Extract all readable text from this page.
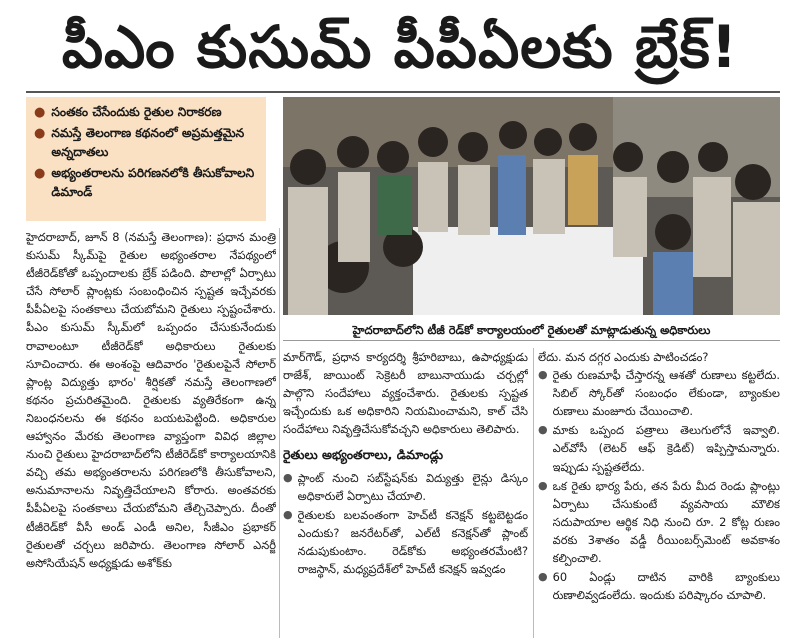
పీఎం కుసుమ్ పీపీఏలకు బ్రేక్!
● సంతకం చేసేందుకు రైతుల నిరాకరణ
● నమస్తే తెలంగాణ కథనంలో అప్రమత్తమైన అన్నదాతలు
● అభ్యంతరాలను పరిగణనలోకి తీసుకోవాలని డిమాండ్
హైదరాబాద్‌లోని టీజీ రెడ్‌కో కార్యాలయంలో రైతులతో మాట్లాడుతున్న అధికారులు

హైదరాబాద్, జూన్ 8 (నమస్తే తెలంగాణ): ప్రధాన మంత్రి కుసుమ్ స్కీమ్‌పై రైతుల అభ్యంతరాల నేపథ్యంలో టీజీరెడ్‌కోతో ఒప్పందాలకు బ్రేక్ పడింది. పొలాల్లో ఏర్పాటు చేసే సోలార్ ప్లాంట్లకు సంబంధించిన స్పష్టత ఇచ్చేవరకు పీపీఏలపై సంతకాలు చేయబోమని రైతులు స్పష్టంచేశారు. పీఎం కుసుమ్ స్కీమ్‌లో ఒప్పందం చేసుకునేందుకు రావాలంటూ టీజీరెడ్‌కో అధికారులు రైతులకు సూచించారు. ఈ అంశంపై ఆదివారం 'రైతులపైనే సోలార్ ప్లాంట్ల విద్యుత్తు భారం' శీర్షికతో నమస్తే తెలంగాణలో కథనం ప్రచురితమైంది. రైతులకు వ్యతిరేకంగా ఉన్న నిబంధనలను ఈ కథనం బయటపెట్టింది. అధికారుల ఆహ్వానం మేరకు తెలంగాణ వ్యాప్తంగా వివిధ జిల్లాల నుంచి రైతులు హైదరాబాద్‌లోని టీజీరెడ్‌కో కార్యాలయానికి వచ్చి తమ అభ్యంతరాలను పరిగణలోకి తీసుకోవాలని, అనుమానాలను నివృత్తిచేయాలని కోరారు. అంతవరకు పీపీఏలపై సంతకాలు చేయబోమని తేల్చిచెప్పారు. దీంతో టీజీరెడ్‌కో వీసీ అండ్ ఎండీ అనిల, సీజీఎం ప్రభాకర్ రైతులతో చర్చలు జరిపారు. తెలంగాణ సోలార్ ఎనర్జీ అసోసియేషన్ అధ్యక్షుడు అశోక్‌కు

మార్‌గౌడ్, ప్రధాన కార్యదర్శి శ్రీహరిబాబు, ఉపాధ్యక్షుడు రాజేశ్, జాయింట్ సెక్రెటరీ బాబునాయుడు చర్చల్లో పాల్గొని సందేహాలు వ్యక్తంచేశారు. రైతులకు స్పష్టత ఇచ్చేందుకు ఒక అధికారిని నియమించామని, కాల్ చేసి సందేహాలు నివృత్తిచేసుకోవచ్చని అధికారులు తెలిపారు.

రైతులు అభ్యంతరాలు, డిమాండ్లు
● ప్లాంట్ నుంచి సబ్‌స్టేషన్‌కు విద్యుత్తు లైన్లు డిస్కం అధికారులే ఏర్పాటు చేయాలి.
● రైతులకు బలవంతంగా హెచ్‌టీ కనెక్షన్ కట్టబెట్టడం ఎందుకు? జనరేటర్‌తో, ఎల్‌టీ కనెక్షన్‌తో ప్లాంట్ నడుపుకుంటాం. రెడ్‌కోకు అభ్యంతరమేంటి? రాజస్థాన్, మధ్యప్రదేశ్‌లో హెచ్‌టీ కనెక్షన్ ఇవ్వడం

లేదు. మన దగ్గర ఎందుకు పాటించడం?

● రైతు రుణమాఫీ చేస్తారన్న ఆశతో రుణాలు కట్టలేదు. సిబిల్ స్కోర్‌తో సంబంధం లేకుండా, బ్యాంకుల రుణాలు మంజూరు చేయించాలి.
● మాకు ఒప్పంద పత్రాలు తెలుగులోనే ఇవ్వాలి. ఎల్‌వోసీ (లెటర్ ఆఫ్ క్రెడిట్) ఇప్పిస్తామన్నారు. ఇప్పుడు స్పష్టతలేదు.
● ఒక రైతు భార్య పేరు, తన పేరు మీద రెండు ప్లాంట్లు ఏర్పాటు చేసుకుంటే వ్యవసాయ మౌలిక సదుపాయాల ఆర్థిక నిధి నుంచి రూ. 2 కోట్ల రుణం వరకు 3శాతం వడ్డీ రీయింబర్స్‌మెంట్ అవకాశం కల్పించాలి.
● 60 ఏండ్లు దాటిన వారికి బ్యాంకులు రుణాలివ్వడంలేదు. ఇందుకు పరిష్కారం చూపాలి.
